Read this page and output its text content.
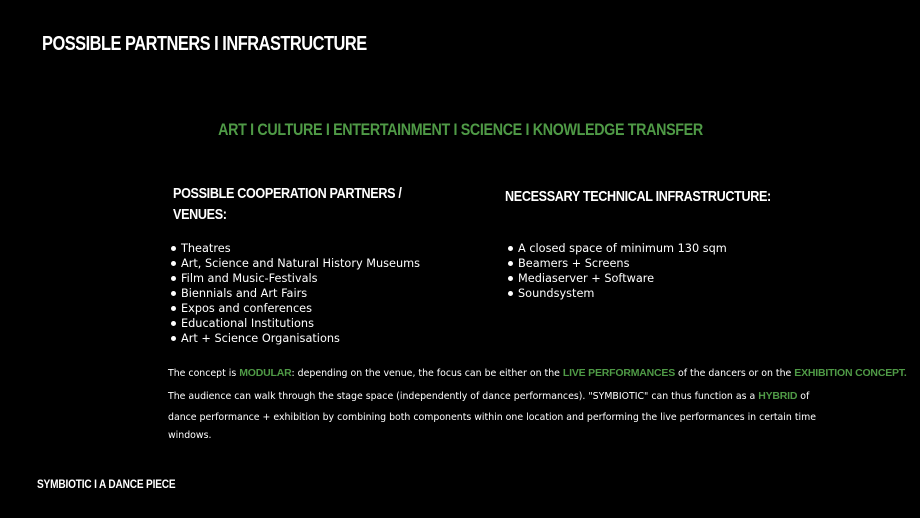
POSSIBLE PARTNERS I INFRASTRUCTURE
ART I CULTURE I ENTERTAINMENT I SCIENCE I KNOWLEDGE TRANSFER
POSSIBLE COOPERATION PARTNERS /
VENUES:
Theatres
Art, Science and Natural History Museums
Film and Music-Festivals
Biennials and Art Fairs
Expos and conferences
Educational Institutions
Art + Science Organisations
NECESSARY TECHNICAL INFRASTRUCTURE:
A closed space of minimum 130 sqm
Beamers + Screens
Mediaserver + Software
Soundsystem
The concept is MODULAR: depending on the venue, the focus can be either on the LIVE PERFORMANCES of the dancers or on the EXHIBITION CONCEPT.
The audience can walk through the stage space (independently of dance performances). "SYMBIOTIC" can thus function as a HYBRID of
dance performance + exhibition by combining both components within one location and performing the live performances in certain time
windows.
SYMBIOTIC I A DANCE PIECE
